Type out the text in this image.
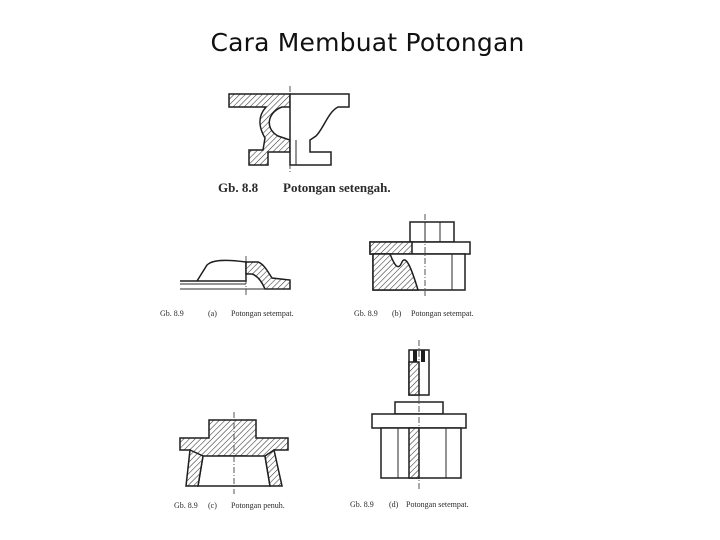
Cara Membuat Potongan
Gb. 8.8 Potongan setengah.
Gb. 8.9	(a) Potongan setempat.	Gb. 8.9 (b) Potongan setempat.
Gb. 8.9 (c) Potongan penuh.	Gb. 8.9 (d) Potongan setempat.
